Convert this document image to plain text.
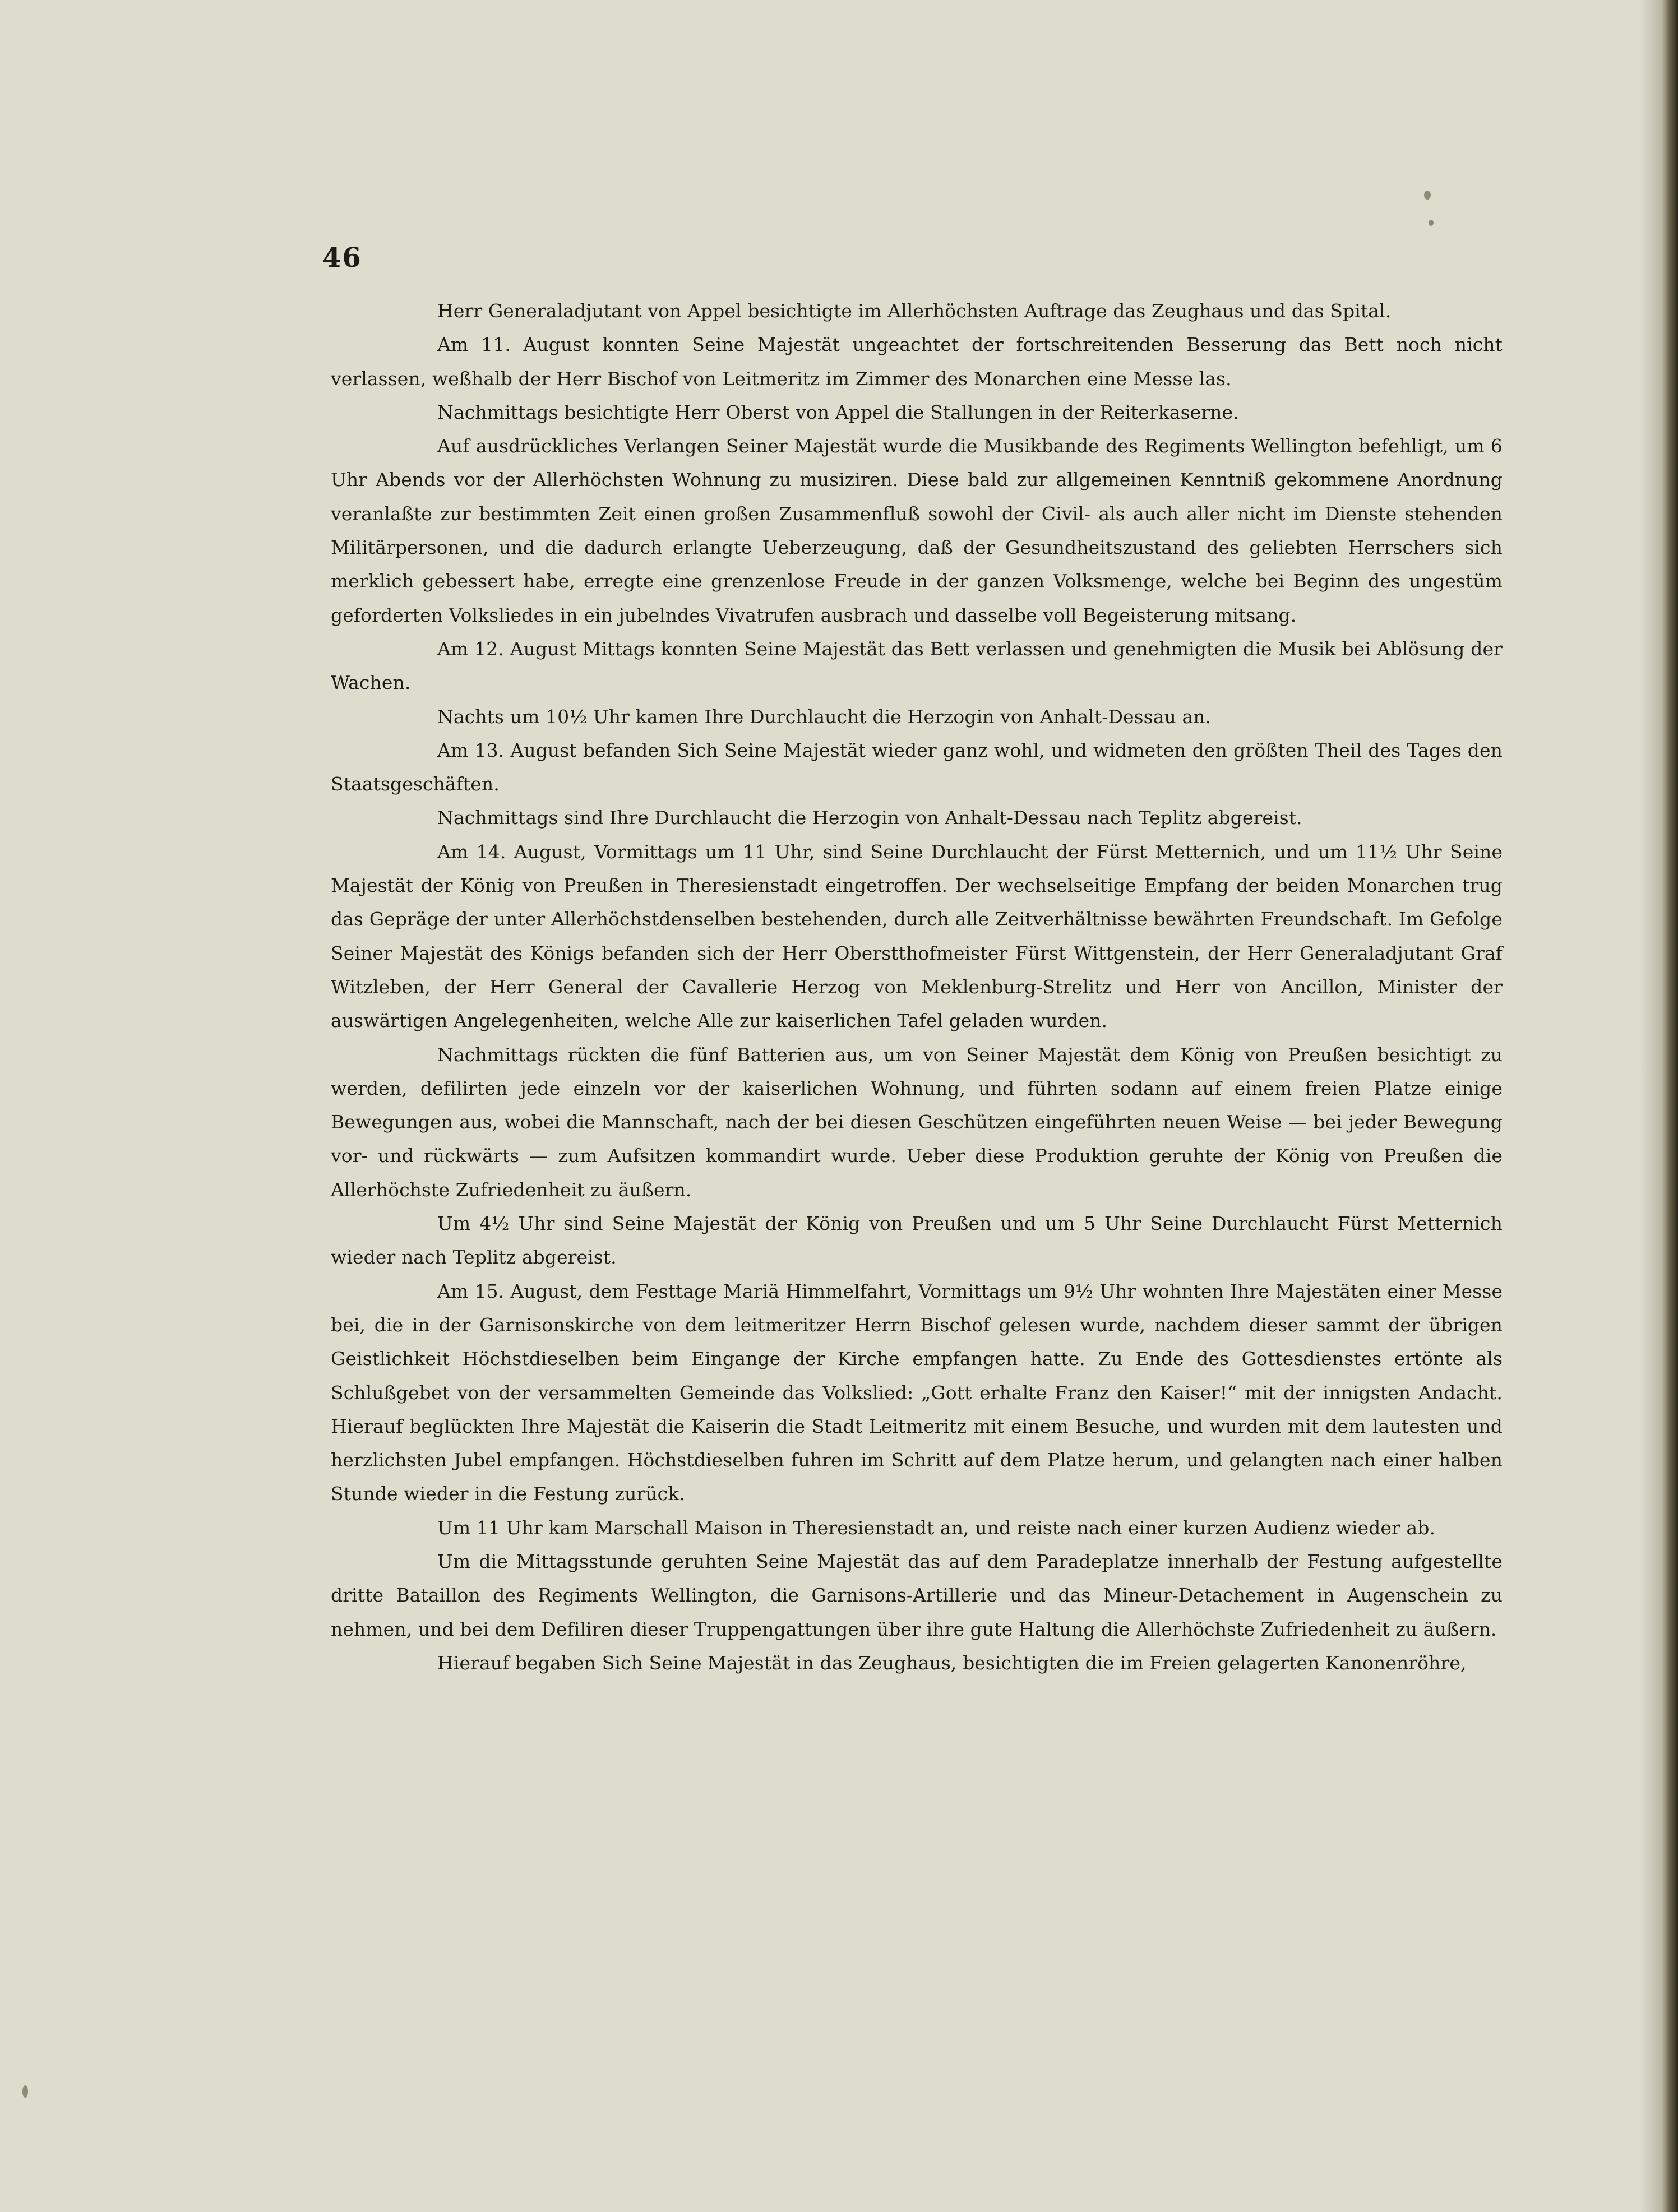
46

Herr Generaladjutant von Appel besichtigte im Allerhöchsten Auftrage das Zeughaus und das Spital.

Am 11. August konnten Seine Majestät ungeachtet der fortschreitenden Besserung das Bett noch nicht verlassen, weßhalb der Herr Bischof von Leitmeritz im Zimmer des Monarchen eine Messe las.

Nachmittags besichtigte Herr Oberst von Appel die Stallungen in der Reiterkaserne.

Auf ausdrückliches Verlangen Seiner Majestät wurde die Musikbande des Regiments Wellington befehligt, um 6 Uhr Abends vor der Allerhöchsten Wohnung zu musiziren. Diese bald zur allgemeinen Kenntniß gekommene Anordnung veranlaßte zur bestimmten Zeit einen großen Zusammenfluß sowohl der Civil- als auch aller nicht im Dienste stehenden Militärpersonen, und die dadurch erlangte Ueberzeugung, daß der Gesundheitszustand des geliebten Herrschers sich merklich gebessert habe, erregte eine grenzenlose Freude in der ganzen Volksmenge, welche bei Beginn des ungestüm geforderten Volksliedes in ein jubelndes Vivatrufen ausbrach und dasselbe voll Begeisterung mitsang.

Am 12. August Mittags konnten Seine Majestät das Bett verlassen und genehmigten die Musik bei Ablösung der Wachen.

Nachts um 10½ Uhr kamen Ihre Durchlaucht die Herzogin von Anhalt-Dessau an.

Am 13. August befanden Sich Seine Majestät wieder ganz wohl, und widmeten den größten Theil des Tages den Staatsgeschäften.

Nachmittags sind Ihre Durchlaucht die Herzogin von Anhalt-Dessau nach Teplitz abgereist.

Am 14. August, Vormittags um 11 Uhr, sind Seine Durchlaucht der Fürst Metternich, und um 11½ Uhr Seine Majestät der König von Preußen in Theresienstadt eingetroffen. Der wechselseitige Empfang der beiden Monarchen trug das Gepräge der unter Allerhöchstdenselben bestehenden, durch alle Zeitverhältnisse bewährten Freundschaft. Im Gefolge Seiner Majestät des Königs befanden sich der Herr Oberstthofmeister Fürst Wittgenstein, der Herr Generaladjutant Graf Witzleben, der Herr General der Cavallerie Herzog von Meklenburg-Strelitz und Herr von Ancillon, Minister der auswärtigen Angelegenheiten, welche Alle zur kaiserlichen Tafel geladen wurden.

Nachmittags rückten die fünf Batterien aus, um von Seiner Majestät dem König von Preußen besichtigt zu werden, defilirten jede einzeln vor der kaiserlichen Wohnung, und führten sodann auf einem freien Platze einige Bewegungen aus, wobei die Mannschaft, nach der bei diesen Geschützen eingeführten neuen Weise — bei jeder Bewegung vor- und rückwärts — zum Aufsitzen kommandirt wurde. Ueber diese Produktion geruhte der König von Preußen die Allerhöchste Zufriedenheit zu äußern.

Um 4½ Uhr sind Seine Majestät der König von Preußen und um 5 Uhr Seine Durchlaucht Fürst Metternich wieder nach Teplitz abgereist.

Am 15. August, dem Festtage Mariä Himmelfahrt, Vormittags um 9½ Uhr wohnten Ihre Majestäten einer Messe bei, die in der Garnisonskirche von dem leitmeritzer Herrn Bischof gelesen wurde, nachdem dieser sammt der übrigen Geistlichkeit Höchstdieselben beim Eingange der Kirche empfangen hatte. Zu Ende des Gottesdienstes ertönte als Schlußgebet von der versammelten Gemeinde das Volkslied: „Gott erhalte Franz den Kaiser!“ mit der innigsten Andacht. Hierauf beglückten Ihre Majestät die Kaiserin die Stadt Leitmeritz mit einem Besuche, und wurden mit dem lautesten und herzlichsten Jubel empfangen. Höchstdieselben fuhren im Schritt auf dem Platze herum, und gelangten nach einer halben Stunde wieder in die Festung zurück.

Um 11 Uhr kam Marschall Maison in Theresienstadt an, und reiste nach einer kurzen Audienz wieder ab.

Um die Mittagsstunde geruhten Seine Majestät das auf dem Paradeplatze innerhalb der Festung aufgestellte dritte Bataillon des Regiments Wellington, die Garnisons-Artillerie und das Mineur-Detachement in Augenschein zu nehmen, und bei dem Defiliren dieser Truppengattungen über ihre gute Haltung die Allerhöchste Zufriedenheit zu äußern.

Hierauf begaben Sich Seine Majestät in das Zeughaus, besichtigten die im Freien gelagerten Kanonenröhre,
